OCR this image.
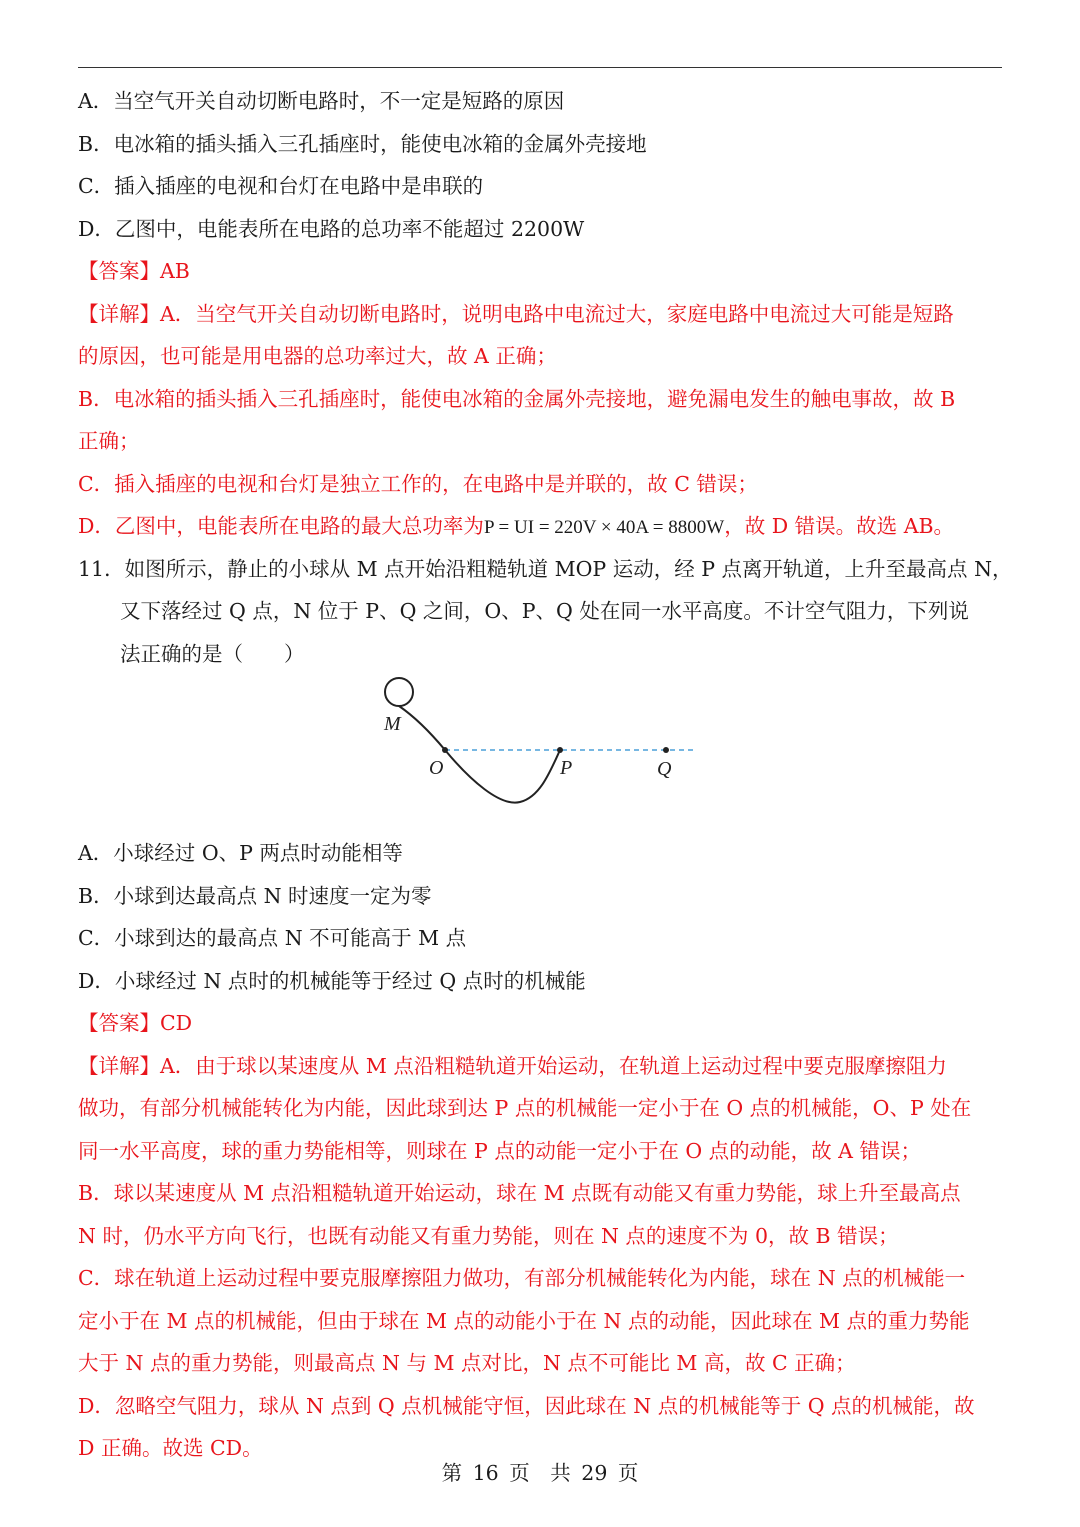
A．当空气开关自动切断电路时，不一定是短路的原因
B．电冰箱的插头插入三孔插座时，能使电冰箱的金属外壳接地
C．插入插座的电视和台灯在电路中是串联的
D．乙图中，电能表所在电路的总功率不能超过 2200W
【答案】AB
【详解】A．当空气开关自动切断电路时，说明电路中电流过大，家庭电路中电流过大可能是短路
的原因，也可能是用电器的总功率过大，故 A 正确；
B．电冰箱的插头插入三孔插座时，能使电冰箱的金属外壳接地，避免漏电发生的触电事故，故 B
正确；
C．插入插座的电视和台灯是独立工作的，在电路中是并联的，故 C 错误；
D．乙图中，电能表所在电路的最大总功率为P = UI = 220V × 40A = 8800W，故 D 错误。故选 AB。
11．如图所示，静止的小球从 M 点开始沿粗糙轨道 MOP 运动，经 P 点离开轨道，上升至最高点 N，
又下落经过 Q 点，N 位于 P、Q 之间，O、P、Q 处在同一水平高度。不计空气阻力，下列说
法正确的是（　　）
A．小球经过 O、P 两点时动能相等
B．小球到达最高点 N 时速度一定为零
C．小球到达的最高点 N 不可能高于 M 点
D．小球经过 N 点时的机械能等于经过 Q 点时的机械能
【答案】CD
【详解】A．由于球以某速度从 M 点沿粗糙轨道开始运动，在轨道上运动过程中要克服摩擦阻力
做功，有部分机械能转化为内能，因此球到达 P 点的机械能一定小于在 O 点的机械能，O、P 处在
同一水平高度，球的重力势能相等，则球在 P 点的动能一定小于在 O 点的动能，故 A 错误；
B．球以某速度从 M 点沿粗糙轨道开始运动，球在 M 点既有动能又有重力势能，球上升至最高点
N 时，仍水平方向飞行，也既有动能又有重力势能，则在 N 点的速度不为 0，故 B 错误；
C．球在轨道上运动过程中要克服摩擦阻力做功，有部分机械能转化为内能，球在 N 点的机械能一
定小于在 M 点的机械能，但由于球在 M 点的动能小于在 N 点的动能，因此球在 M 点的重力势能
大于 N 点的重力势能，则最高点 N 与 M 点对比，N 点不可能比 M 高，故 C 正确；
D．忽略空气阻力，球从 N 点到 Q 点机械能守恒，因此球在 N 点的机械能等于 Q 点的机械能，故
D 正确。故选 CD。
M
O	P	Q
第 16 页　共 29 页
